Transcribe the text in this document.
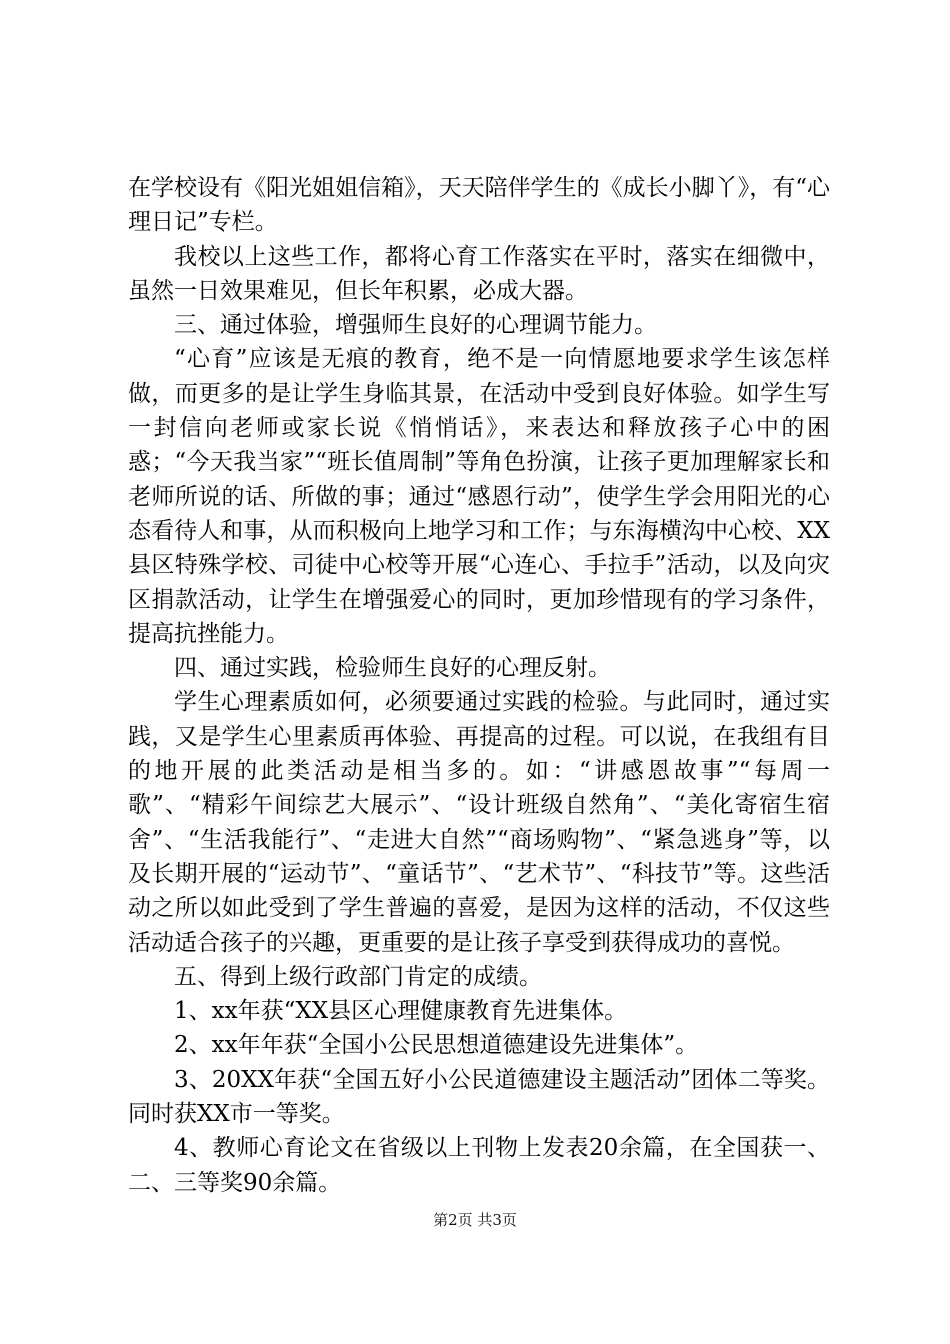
在学校设有《阳光姐姐信箱》，天天陪伴学生的《成长小脚丫》，有“心理日记”专栏。

我校以上这些工作，都将心育工作落实在平时，落实在细微中，虽然一日效果难见，但长年积累，必成大器。

三、通过体验，增强师生良好的心理调节能力。

“心育”应该是无痕的教育，绝不是一向情愿地要求学生该怎样做，而更多的是让学生身临其景，在活动中受到良好体验。如学生写一封信向老师或家长说《悄悄话》，来表达和释放孩子心中的困惑；“今天我当家”“班长值周制”等角色扮演，让孩子更加理解家长和老师所说的话、所做的事；通过“感恩行动”，使学生学会用阳光的心态看待人和事，从而积极向上地学习和工作；与东海横沟中心校、XX县区特殊学校、司徒中心校等开展“心连心、手拉手”活动，以及向灾区捐款活动，让学生在增强爱心的同时，更加珍惜现有的学习条件，提高抗挫能力。

四、通过实践，检验师生良好的心理反射。

学生心理素质如何，必须要通过实践的检验。与此同时，通过实践，又是学生心里素质再体验、再提高的过程。可以说，在我组有目的地开展的此类活动是相当多的。如：“讲感恩故事”“每周一歌”、“精彩午间综艺大展示”、“设计班级自然角”、“美化寄宿生宿舍”、“生活我能行”、“走进大自然”“商场购物”、“紧急逃身”等，以及长期开展的“运动节”、“童话节”、“艺术节”、“科技节”等。这些活动之所以如此受到了学生普遍的喜爱，是因为这样的活动，不仅这些活动适合孩子的兴趣，更重要的是让孩子享受到获得成功的喜悦。

五、得到上级行政部门肯定的成绩。

1、xx年获“XX县区心理健康教育先进集体。

2、xx年年获“全国小公民思想道德建设先进集体”。

3、20XX年获“全国五好小公民道德建设主题活动”团体二等奖。同时获XX市一等奖。

4、教师心育论文在省级以上刊物上发表20余篇，在全国获一、二、三等奖90余篇。

第2页 共3页
